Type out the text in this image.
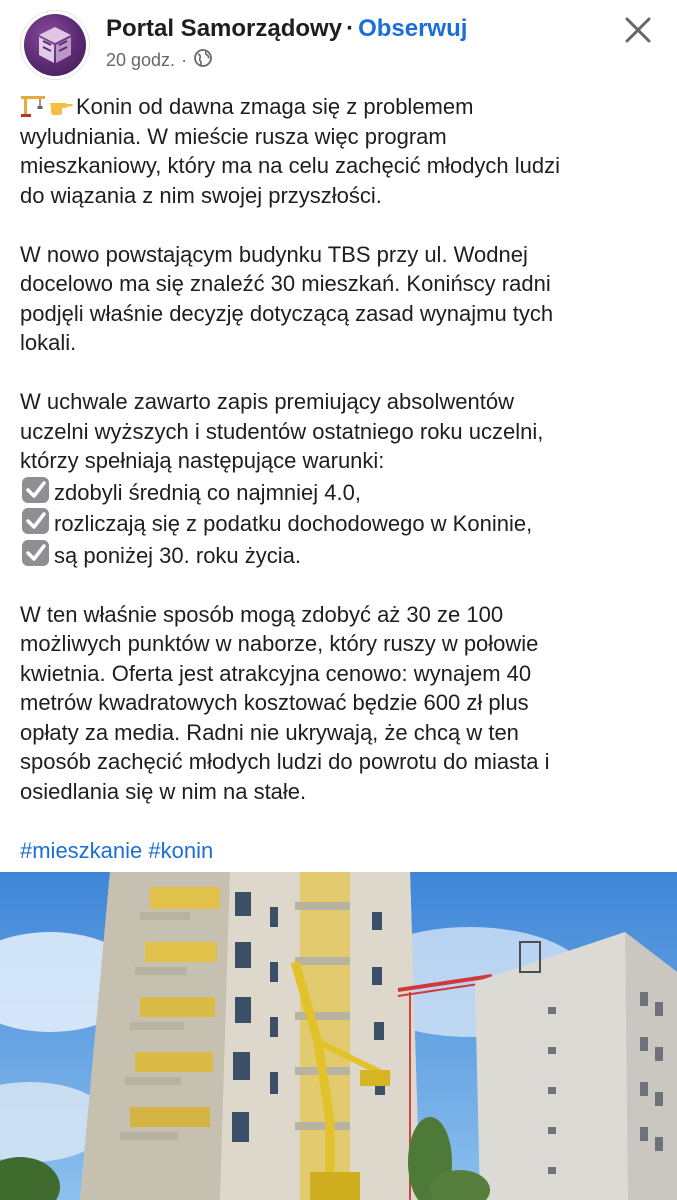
Portal Samorządowy · Obserwuj
20 godz. ·

Konin od dawna zmaga się z problemem
wyludniania. W mieście rusza więc program
mieszkaniowy, który ma na celu zachęcić młodych ludzi
do wiązania z nim swojej przyszłości.

W nowo powstającym budynku TBS przy ul. Wodnej
docelowo ma się znaleźć 30 mieszkań. Konińscy radni
podjęli właśnie decyzję dotyczącą zasad wynajmu tych
lokali.

W uchwale zawarto zapis premiujący absolwentów
uczelni wyższych i studentów ostatniego roku uczelni,
którzy spełniają następujące warunki:
zdobyli średnią co najmniej 4.0,
rozliczają się z podatku dochodowego w Koninie,
są poniżej 30. roku życia.

W ten właśnie sposób mogą zdobyć aż 30 ze 100
możliwych punktów w naborze, który ruszy w połowie
kwietnia. Oferta jest atrakcyjna cenowo: wynajem 40
metrów kwadratowych kosztować będzie 600 zł plus
opłaty za media. Radni nie ukrywają, że chcą w ten
sposób zachęcić młodych ludzi do powrotu do miasta i
osiedlania się w nim na stałe.

#mieszkanie #konin
